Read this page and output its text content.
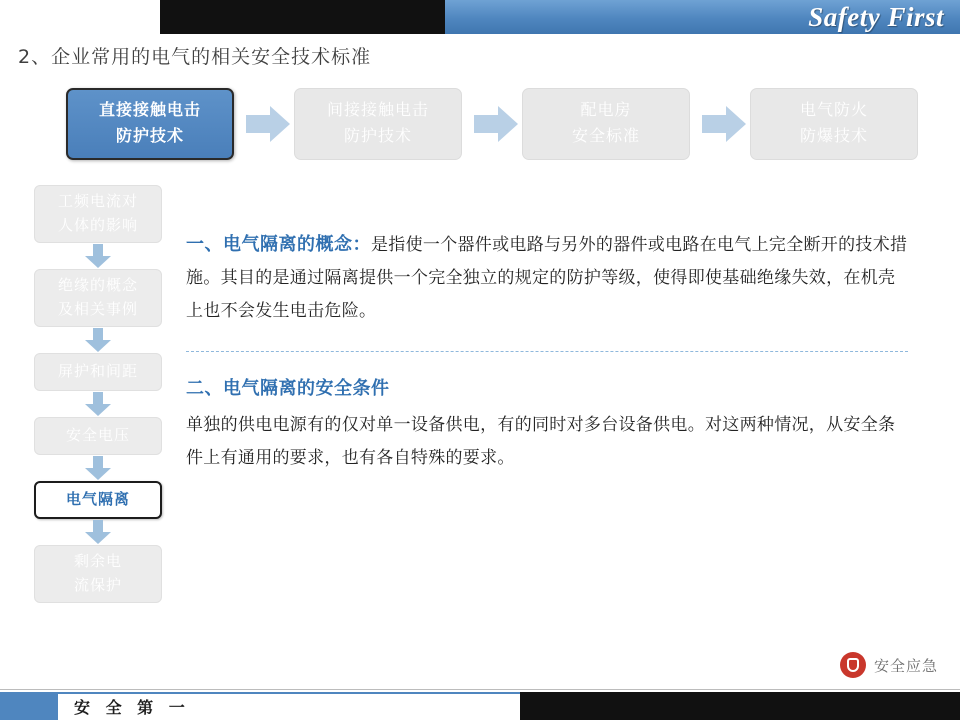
Safety First
2、企业常用的电气的相关安全技术标准
直接接触电击
防护技术
间接接触电击
防护技术
配电房
安全标准
电气防火
防爆技术
工频电流对
人体的影响
绝缘的概念
及相关事例
屏护和间距
安全电压
电气隔离
剩余电
流保护

一、电气隔离的概念：是指使一个器件或电路与另外的器件或电路在电气上完全断开的技术措施。其目的是通过隔离提供一个完全独立的规定的防护等级，使得即使基础绝缘失效，在机壳上也不会发生电击危险。

二、电气隔离的安全条件

单独的供电电源有的仅对单一设备供电，有的同时对多台设备供电。对这两种情况，从安全条件上有通用的要求，也有各自特殊的要求。

安全应急
安 全 第 一
